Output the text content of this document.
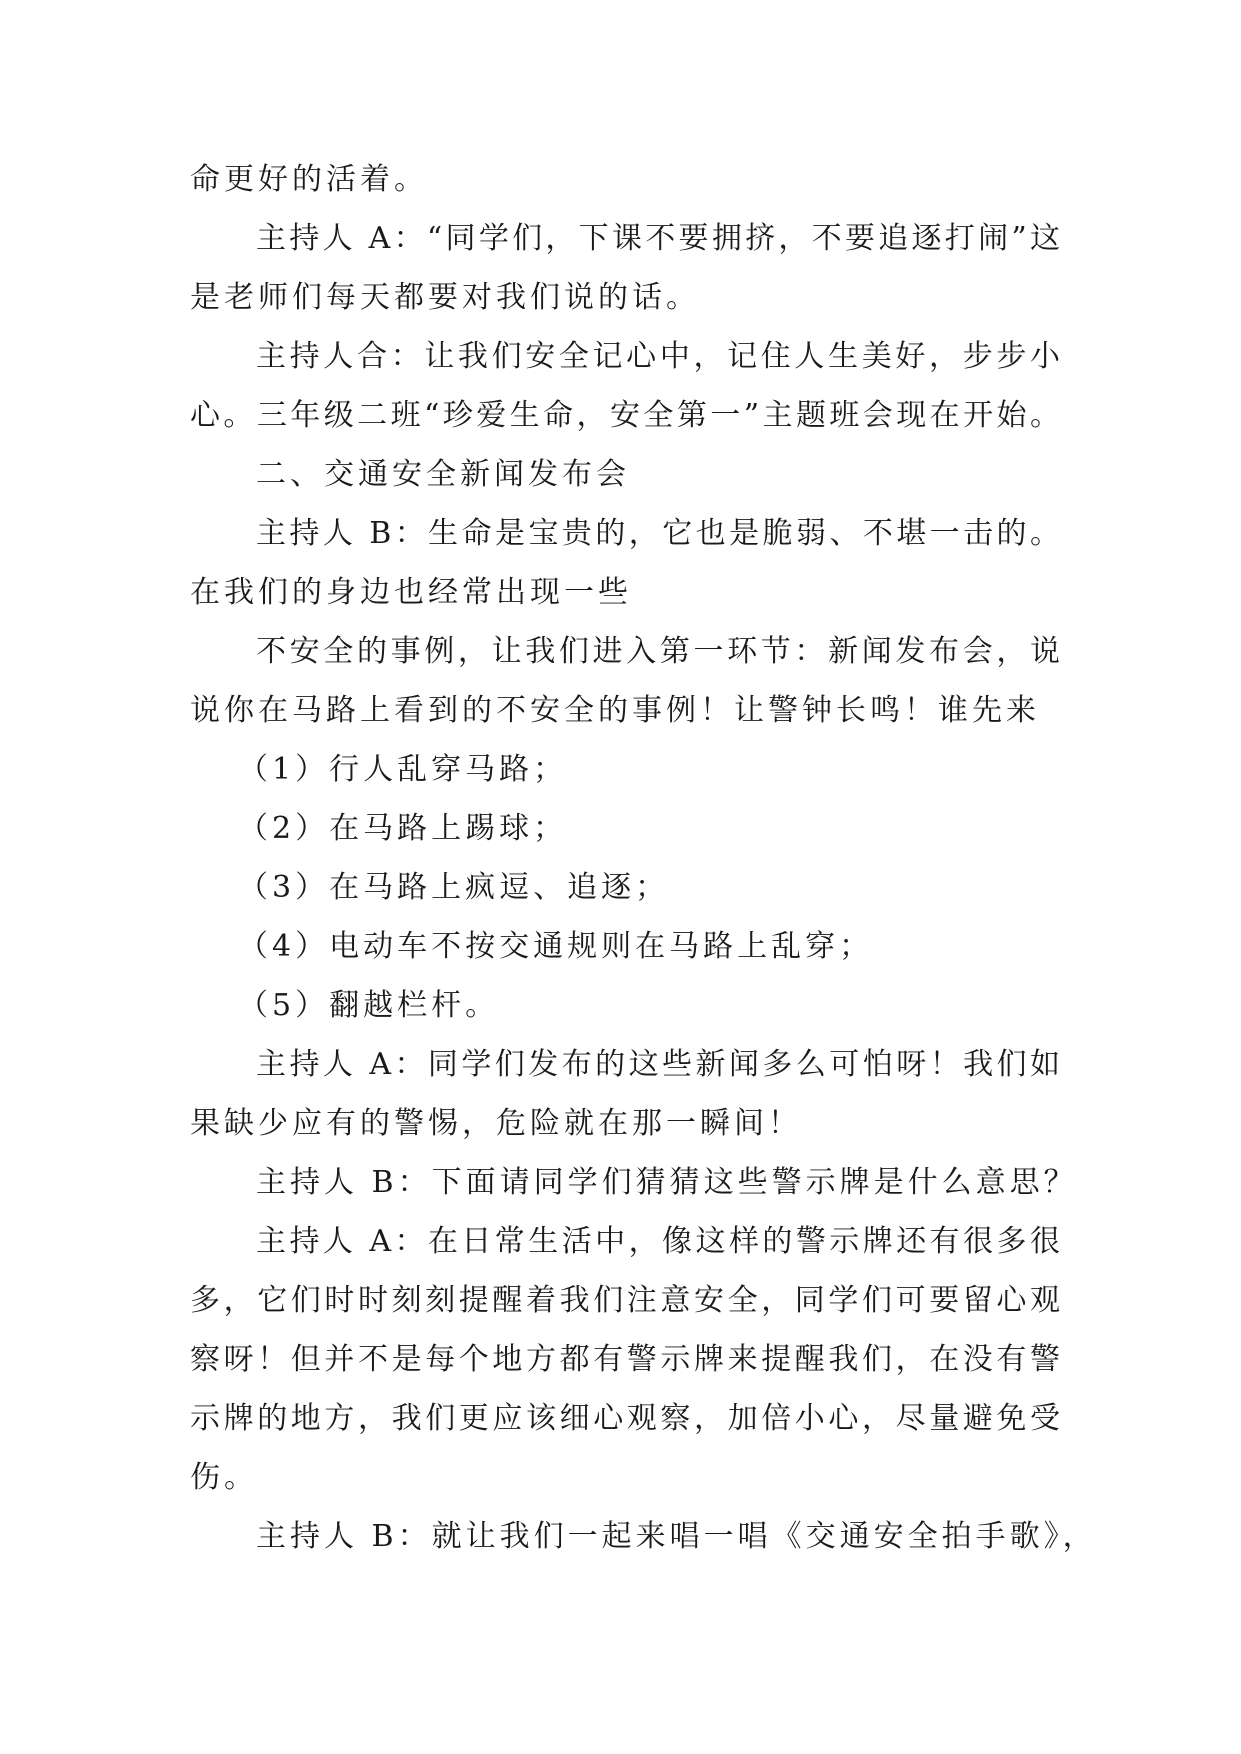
命更好的活着。
主持人 A：“同学们，下课不要拥挤，不要追逐打闹”这
是老师们每天都要对我们说的话。
主持人合：让我们安全记心中，记住人生美好，步步小
心。三年级二班“珍爱生命，安全第一”主题班会现在开始。
二、交通安全新闻发布会
主持人 B：生命是宝贵的，它也是脆弱、不堪一击的。
在我们的身边也经常出现一些
不安全的事例，让我们进入第一环节：新闻发布会，说
说你在马路上看到的不安全的事例！让警钟长鸣！谁先来
（1）行人乱穿马路；
（2）在马路上踢球；
（3）在马路上疯逗、追逐；
（4）电动车不按交通规则在马路上乱穿；
（5）翻越栏杆。
主持人 A：同学们发布的这些新闻多么可怕呀！我们如
果缺少应有的警惕，危险就在那一瞬间！
主持人 B：下面请同学们猜猜这些警示牌是什么意思？
主持人 A：在日常生活中，像这样的警示牌还有很多很
多，它们时时刻刻提醒着我们注意安全，同学们可要留心观
察呀！但并不是每个地方都有警示牌来提醒我们，在没有警
示牌的地方，我们更应该细心观察，加倍小心，尽量避免受
伤。
主持人 B：就让我们一起来唱一唱《交通安全拍手歌》，
